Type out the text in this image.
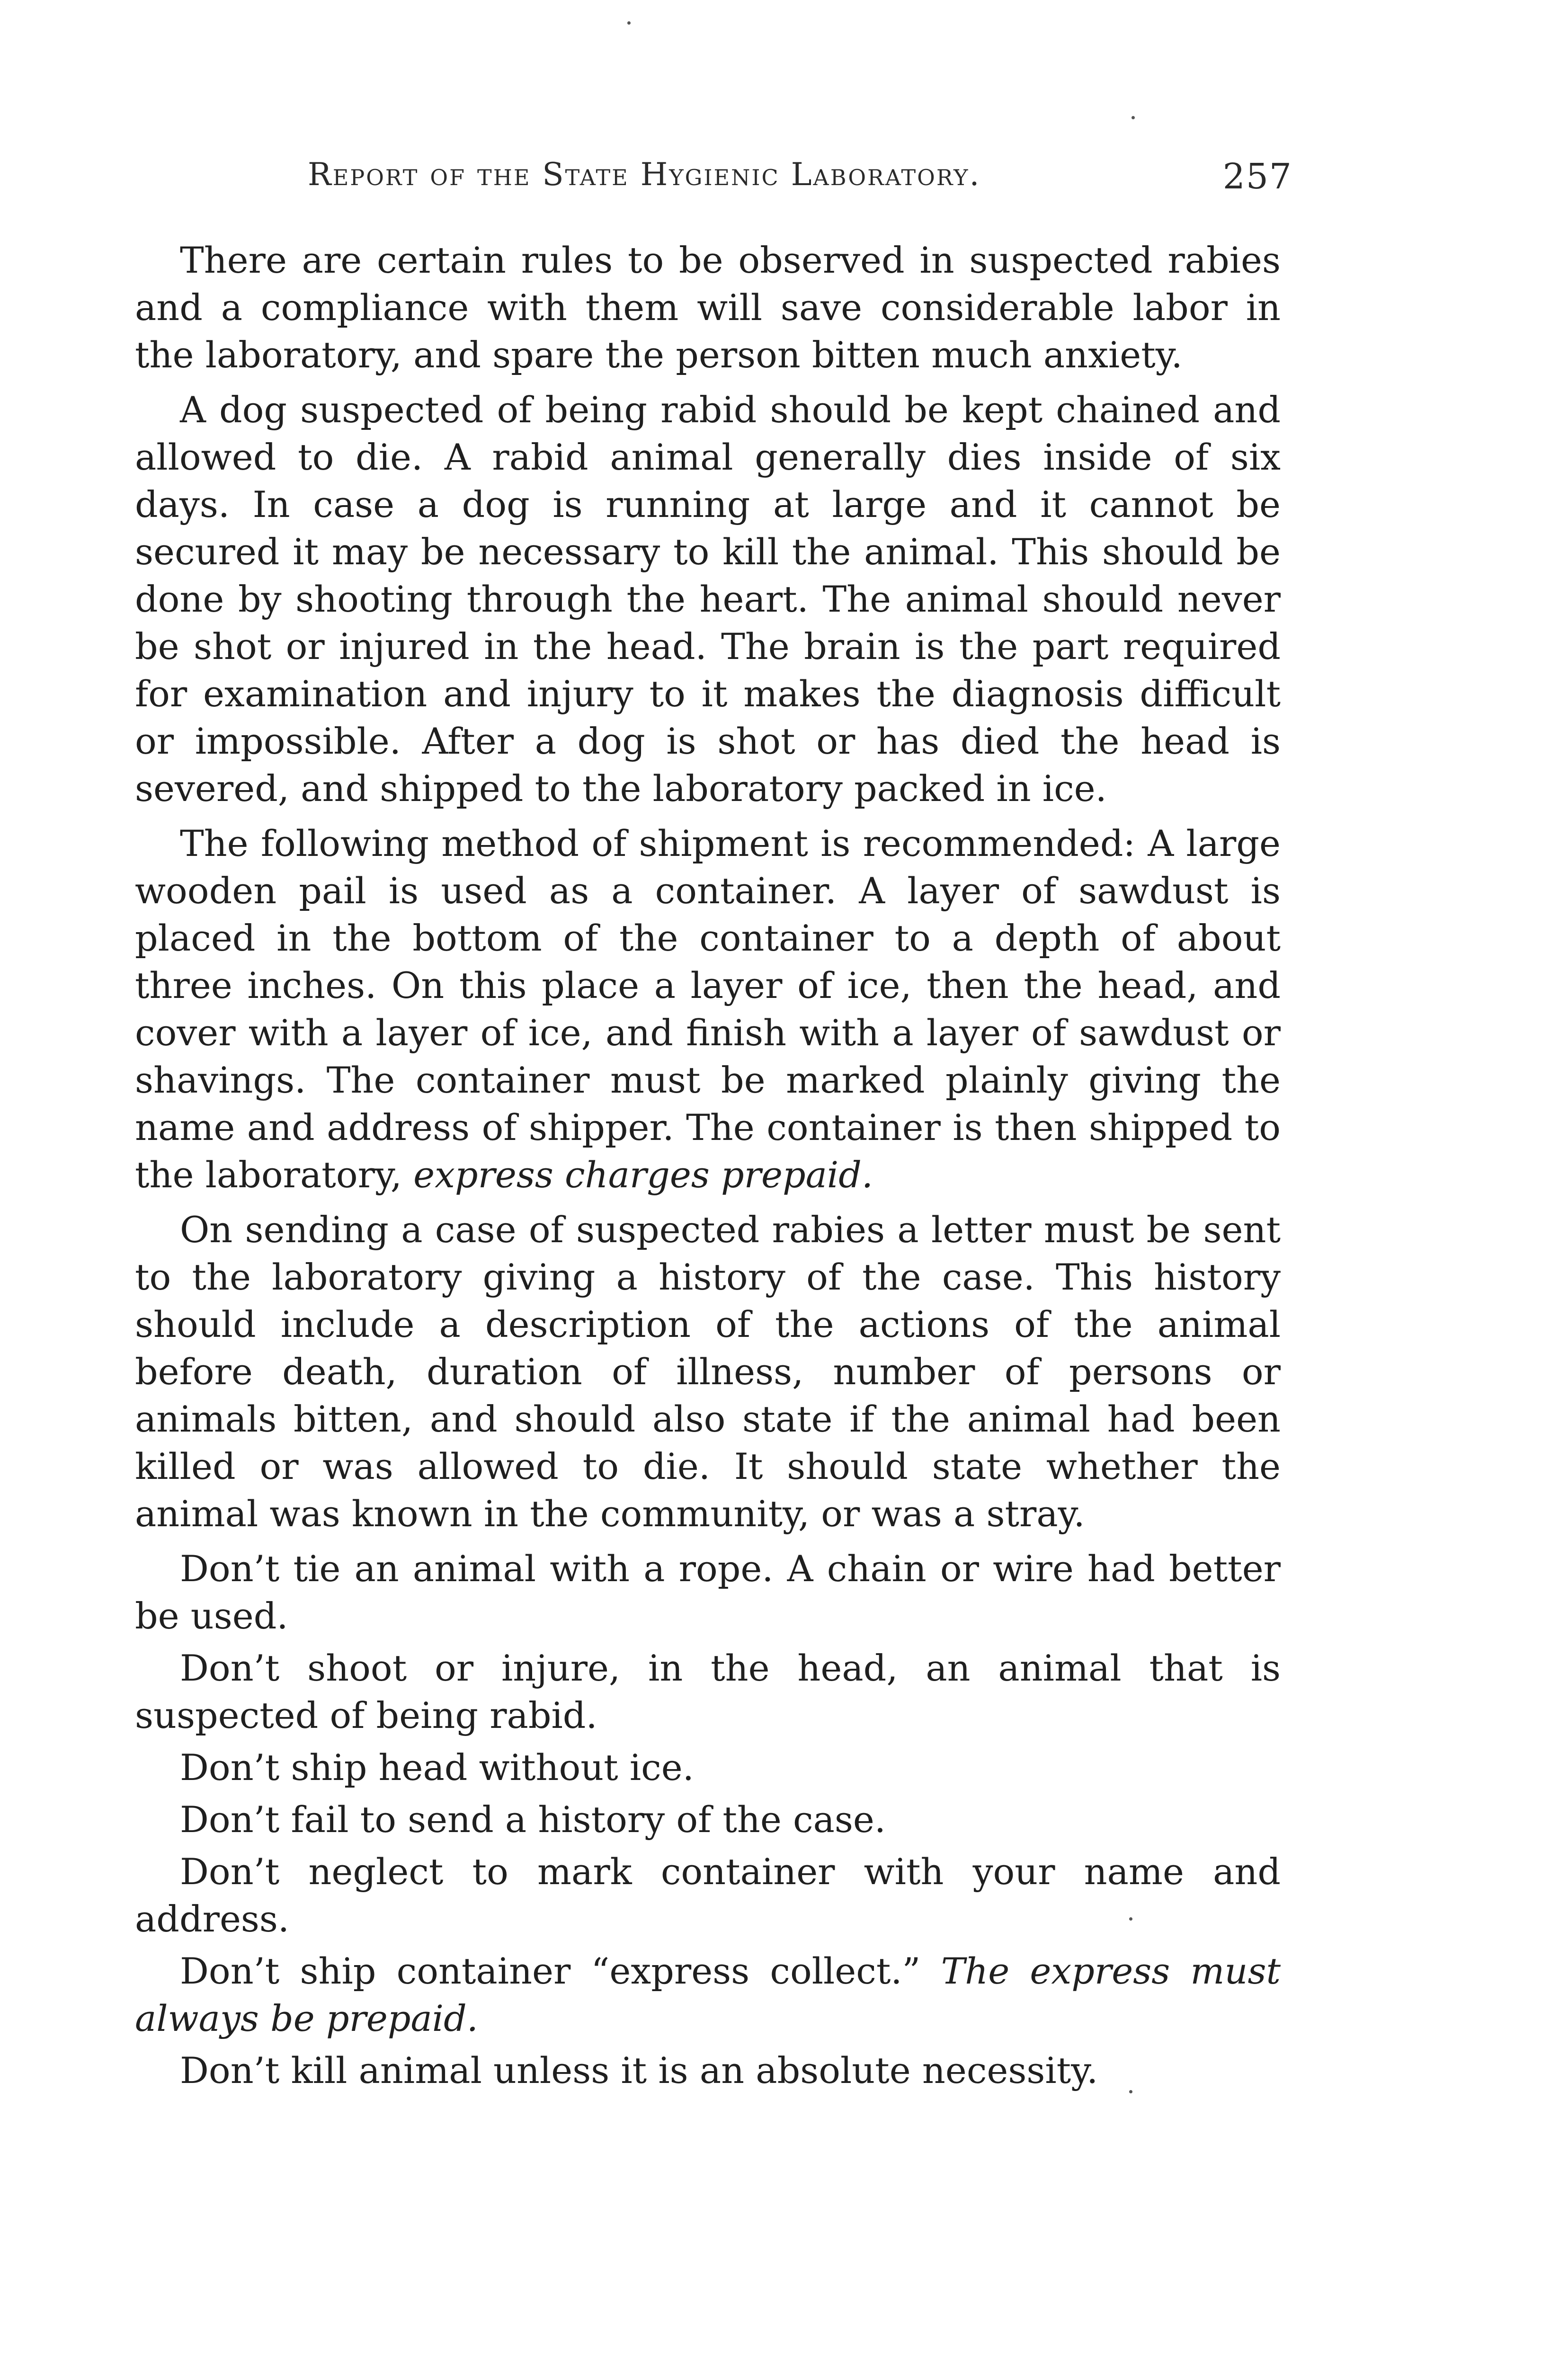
Report of the State Hygienic Laboratory.	257

There are certain rules to be observed in suspected rabies and a compliance with them will save considerable labor in the laboratory, and spare the person bitten much anxiety.

A dog suspected of being rabid should be kept chained and allowed to die. A rabid animal generally dies inside of six days. In case a dog is running at large and it cannot be secured it may be necessary to kill the animal. This should be done by shooting through the heart. The animal should never be shot or injured in the head. The brain is the part required for examination and injury to it makes the diagnosis difficult or impossible. After a dog is shot or has died the head is severed, and shipped to the laboratory packed in ice.

The following method of shipment is recommended: A large wooden pail is used as a container. A layer of sawdust is placed in the bottom of the container to a depth of about three inches. On this place a layer of ice, then the head, and cover with a layer of ice, and finish with a layer of sawdust or shavings. The container must be marked plainly giving the name and address of shipper. The container is then shipped to the laboratory, express charges prepaid.

On sending a case of suspected rabies a letter must be sent to the laboratory giving a history of the case. This history should include a description of the actions of the animal before death, duration of illness, number of persons or animals bitten, and should also state if the animal had been killed or was allowed to die. It should state whether the animal was known in the community, or was a stray.

Don’t tie an animal with a rope. A chain or wire had better be used.

Don’t shoot or injure, in the head, an animal that is suspected of being rabid.

Don’t ship head without ice.

Don’t fail to send a history of the case.

Don’t neglect to mark container with your name and address.

Don’t ship container “express collect.” The express must always be prepaid.

Don’t kill animal unless it is an absolute necessity.
